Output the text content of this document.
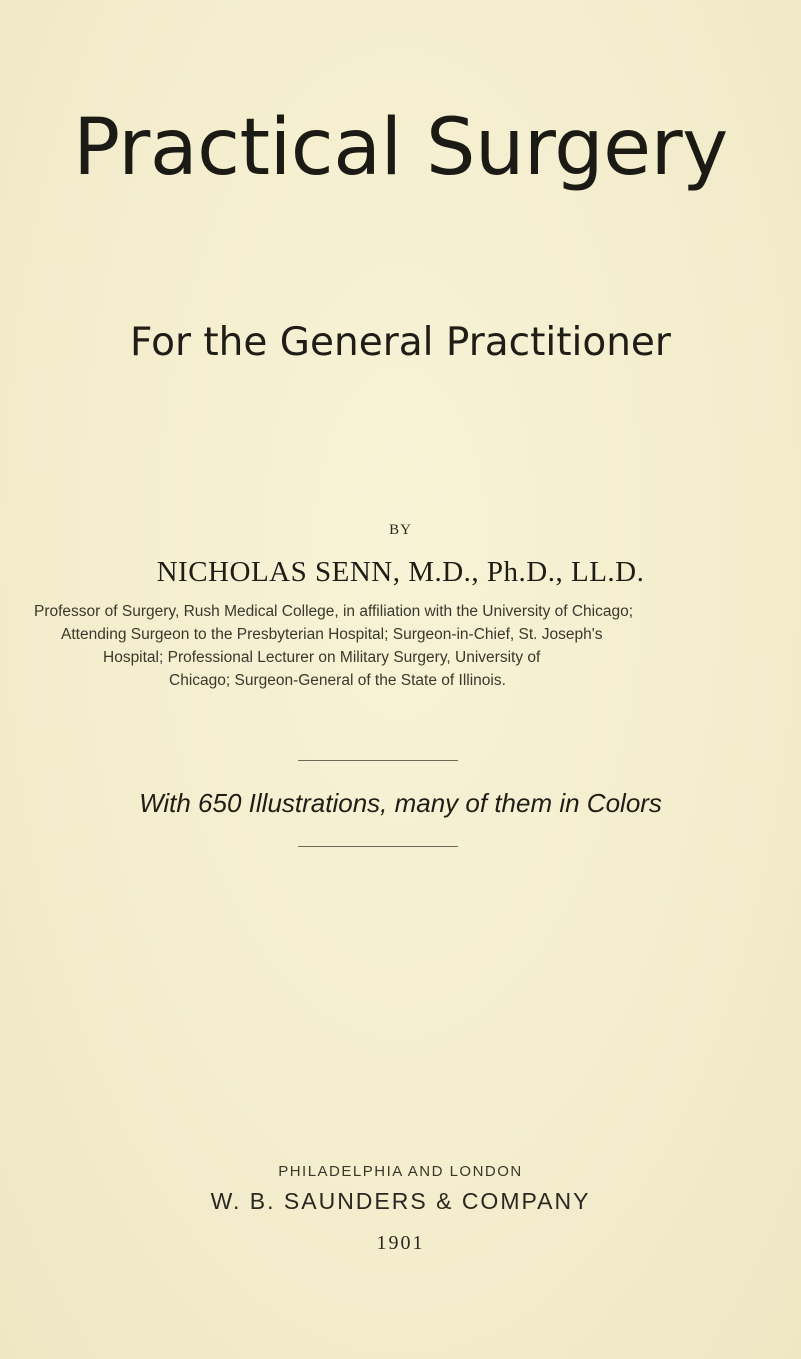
Practical Surgery
For the General Practitioner
BY
NICHOLAS SENN, M.D., Ph.D., LL.D.
Professor of Surgery, Rush Medical College, in affiliation with the University of Chicago;
Attending Surgeon to the Presbyterian Hospital; Surgeon-in-Chief, St. Joseph's
Hospital; Professional Lecturer on Military Surgery, University of
Chicago; Surgeon-General of the State of Illinois.
With 650 Illustrations, many of them in Colors
PHILADELPHIA AND LONDON
W. B. SAUNDERS & COMPANY
1901
